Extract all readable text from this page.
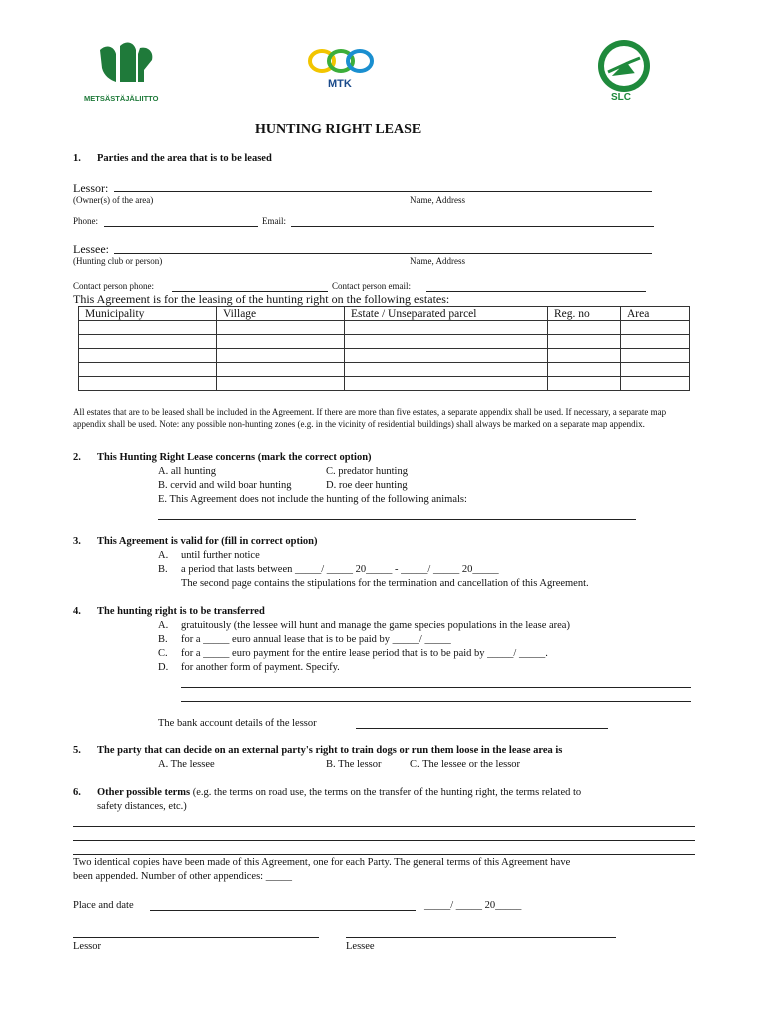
METSÄSTÄJÄLIITTO
MTK
SLC
HUNTING RIGHT LEASE
1. Parties and the area that is to be leased
Lessor:
(Owner(s) of the area)	Name, Address
Phone:	Email:
Lessee:
(Hunting club or person)	Name, Address
Contact person phone:	Contact person email:
This Agreement is for the leasing of the hunting right on the following estates:
Municipality	Village	Estate / Unseparated parcel	Reg. no	Area

All estates that are to be leased shall be included in the Agreement. If there are more than five estates, a separate appendix shall be used. If necessary, a separate map appendix shall be used. Note: any possible non-hunting zones (e.g. in the vicinity of residential buildings) shall always be marked on a separate map appendix.
2. This Hunting Right Lease concerns (mark the correct option)
A. all hunting	C. predator hunting
B. cervid and wild boar hunting	D. roe deer hunting
E. This Agreement does not include the hunting of the following animals:
3. This Agreement is valid for (fill in correct option)
A. until further notice
B. a period that lasts between _____/ _____ 20_____ - _____/ _____ 20_____
The second page contains the stipulations for the termination and cancellation of this Agreement.
4. The hunting right is to be transferred
A. gratuitously (the lessee will hunt and manage the game species populations in the lease area)
B. for a _____ euro annual lease that is to be paid by _____/ _____
C. for a _____ euro payment for the entire lease period that is to be paid by _____/ _____.
D. for another form of payment. Specify.
The bank account details of the lessor
5. The party that can decide on an external party's right to train dogs or run them loose in the lease area is
A. The lessee	B. The lessor	C. The lessee or the lessor
6. Other possible terms (e.g. the terms on road use, the terms on the transfer of the hunting right, the terms related to
safety distances, etc.)
Two identical copies have been made of this Agreement, one for each Party. The general terms of this Agreement have
been appended. Number of other appendices: _____
Place and date	_____/ _____ 20_____
Lessor	Lessee
